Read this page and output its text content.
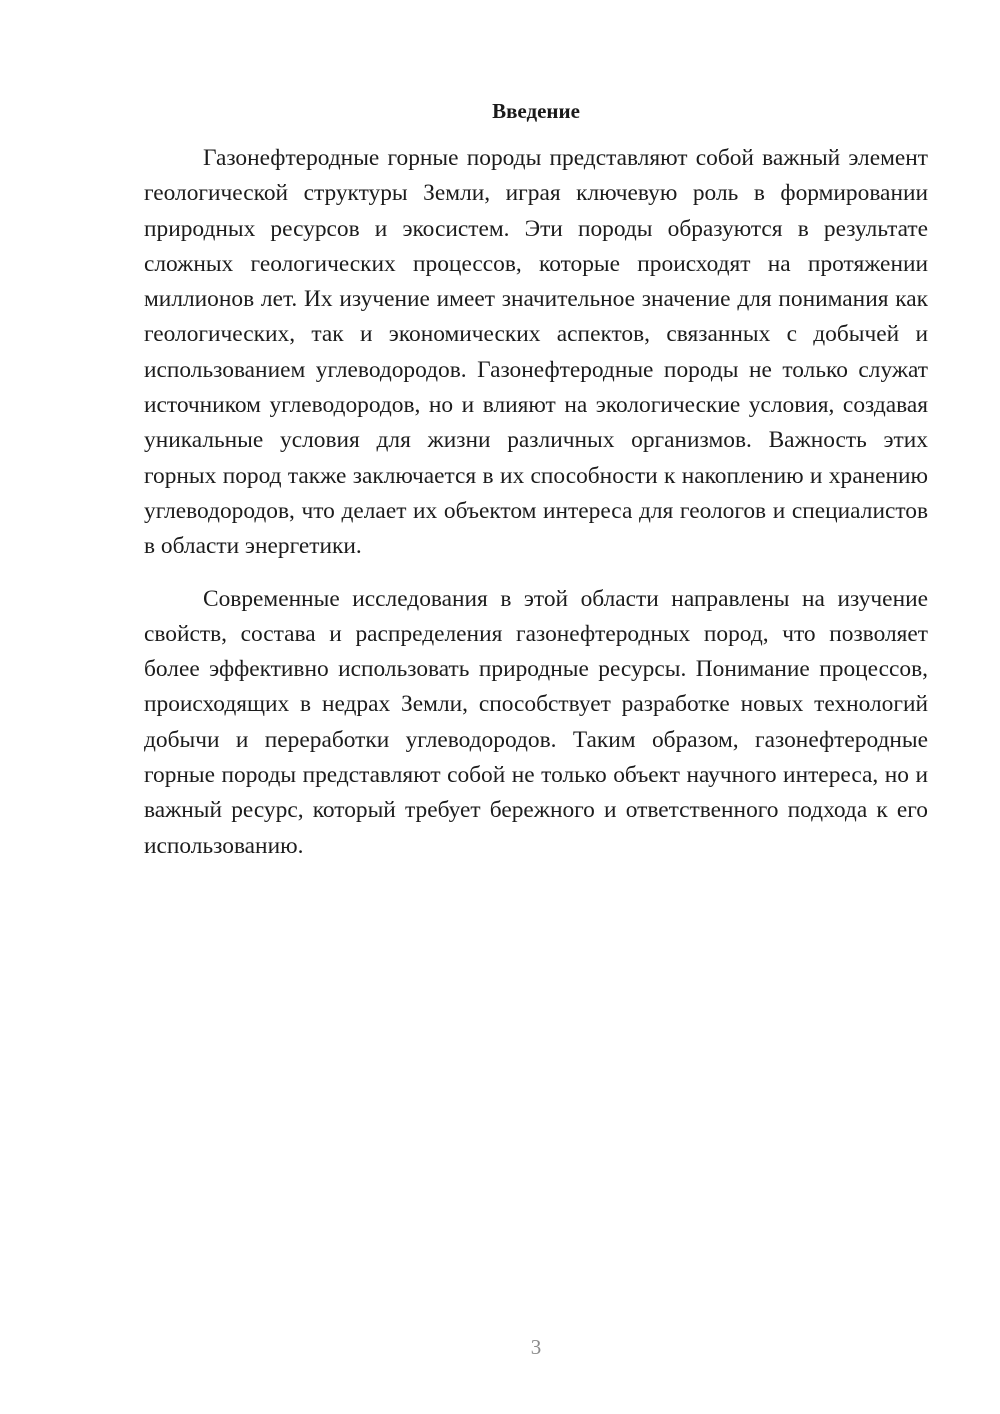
Введение

Газонефтеродные горные породы представляют собой важный элемент геологической структуры Земли, играя ключевую роль в формировании природных ресурсов и экосистем. Эти породы образуются в результате сложных геологических процессов, которые происходят на протяжении миллионов лет. Их изучение имеет значительное значение для понимания как геологических, так и экономических аспектов, связанных с добычей и использованием углеводородов. Газонефтеродные породы не только служат источником углеводородов, но и влияют на экологические условия, создавая уникальные условия для жизни различных организмов. Важность этих горных пород также заключается в их способности к накоплению и хранению углеводородов, что делает их объектом интереса для геологов и специалистов в области энергетики.

Современные исследования в этой области направлены на изучение свойств, состава и распределения газонефтеродных пород, что позволяет более эффективно использовать природные ресурсы. Понимание процессов, происходящих в недрах Земли, способствует разработке новых технологий добычи и переработки углеводородов. Таким образом, газонефтеродные горные породы представляют собой не только объект научного интереса, но и важный ресурс, который требует бережного и ответственного подхода к его использованию.

3
